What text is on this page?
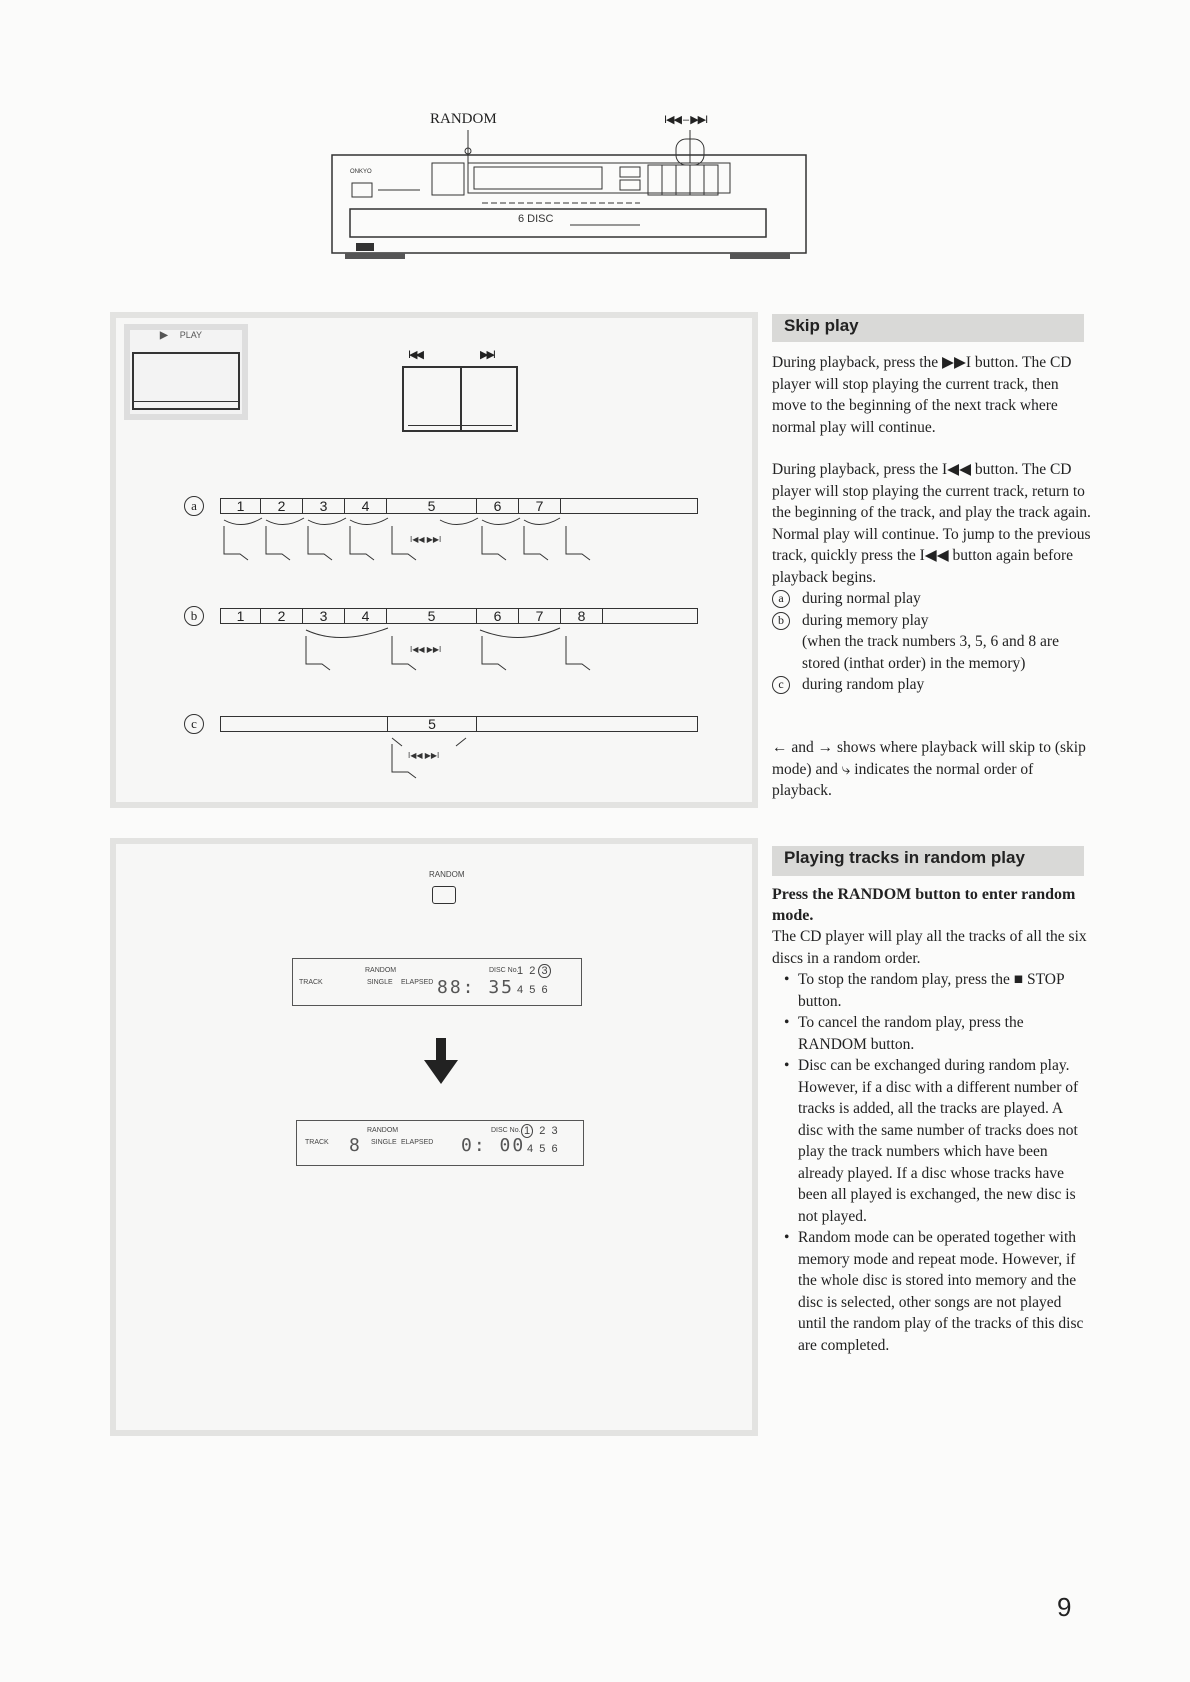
RANDOM	I◀◀ – ▶▶I
ONKYO
6 DISC
▶ PLAY
I◀◀	▶▶I
a	1	2	3	4	5	6	7
I◀◀ ▶▶I
b	1	2	3	4	5	6	7	8
I◀◀ ▶▶I
c	5
I◀◀ ▶▶I
Skip play

During playback, press the ▶▶I button. The CD player will stop playing the current track, then move to the beginning of the next track where normal play will continue.

During playback, press the I◀◀ button. The CD player will stop playing the current track, return to the beginning of the track, and play the track again. Normal play will continue. To jump to the previous track, quickly press the I◀◀ button again before playback begins.

a	during normal play
b	during memory play
(when the track numbers 3, 5, 6 and 8 are stored (inthat order) in the memory)
c	during random play
← and → shows where playback will skip to (skip mode) and ⤷ indicates the normal order of playback.
RANDOM
TRACK
RANDOM
SINGLE ELAPSED
DISC No.
88: 35
1 2 3
4 5 6
TRACK 8
RANDOM
SINGLE ELAPSED
DISC No.
0: 00
1 2 3
4 5 6
Playing tracks in random play
Press the RANDOM button to enter random mode.

The CD player will play all the tracks of all the six discs in a random order.

• To stop the random play, press the ■ STOP button.
• To cancel the random play, press the RANDOM button.
• Disc can be exchanged during random play. However, if a disc with a different number of tracks is added, all the tracks are played. A disc with the same number of tracks does not play the track numbers which have been already played. If a disc whose tracks have been all played is exchanged, the new disc is not played.
• Random mode can be operated together with memory mode and repeat mode. However, if the whole disc is stored into memory and the disc is selected, other songs are not played until the random play of the tracks of this disc are completed.
9
